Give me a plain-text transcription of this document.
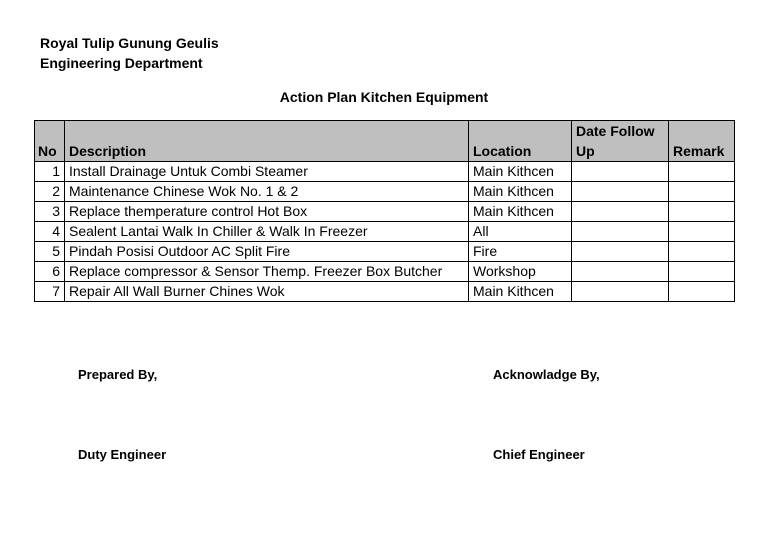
Royal Tulip Gunung Geulis
Engineering Department
Action Plan Kitchen Equipment
No	Description	Location	Date Follow Up	Remark
1	Install Drainage Untuk Combi Steamer	Main Kithcen		
2	Maintenance Chinese Wok No. 1 & 2	Main Kithcen		
3	Replace themperature control Hot Box	Main Kithcen		
4	Sealent Lantai Walk In Chiller & Walk In Freezer	All		
5	Pindah Posisi Outdoor AC Split Fire	Fire		
6	Replace compressor & Sensor Themp. Freezer Box Butcher	Workshop		
7	Repair All Wall Burner Chines Wok	Main Kithcen		
Prepared By,	Acknowladge By,
Duty Engineer	Chief Engineer
